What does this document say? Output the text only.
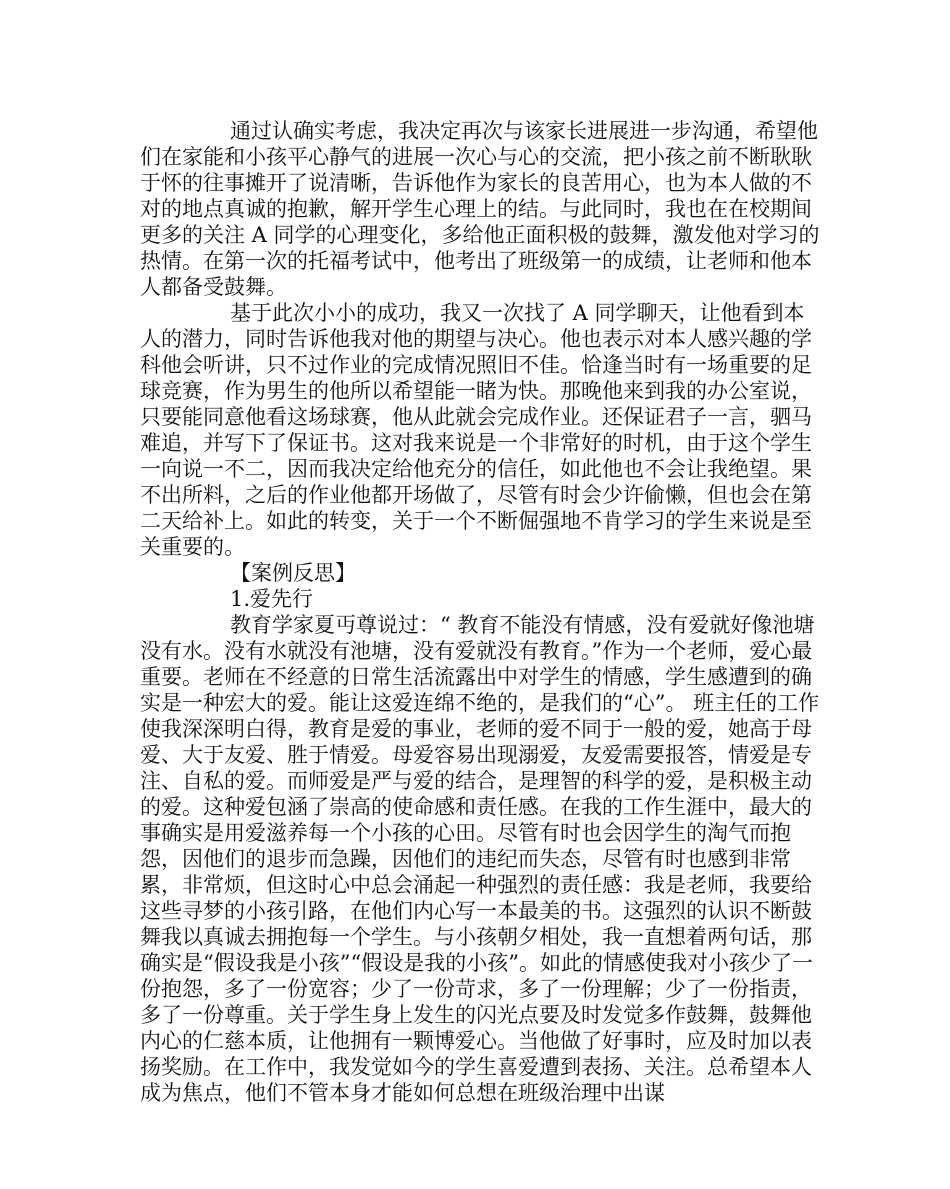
通过认确实考虑，我决定再次与该家长进展进一步沟通，希望他们在家能和小孩平心静气的进展一次心与心的交流，把小孩之前不断耿耿于怀的往事摊开了说清晰，告诉他作为家长的良苦用心，也为本人做的不对的地点真诚的抱歉，解开学生心理上的结。与此同时，我也在在校期间更多的关注 A 同学的心理变化，多给他正面积极的鼓舞，激发他对学习的热情。在第一次的托福考试中，他考出了班级第一的成绩，让老师和他本人都备受鼓舞。

基于此次小小的成功，我又一次找了 A 同学聊天，让他看到本人的潜力，同时告诉他我对他的期望与决心。他也表示对本人感兴趣的学科他会听讲，只不过作业的完成情况照旧不佳。恰逢当时有一场重要的足球竞赛，作为男生的他所以希望能一睹为快。那晚他来到我的办公室说，只要能同意他看这场球赛，他从此就会完成作业。还保证君子一言，驷马难追，并写下了保证书。这对我来说是一个非常好的时机，由于这个学生一向说一不二，因而我决定给他充分的信任，如此他也不会让我绝望。果不出所料，之后的作业他都开场做了，尽管有时会少许偷懒，但也会在第二天给补上。如此的转变，关于一个不断倔强地不肯学习的学生来说是至关重要的。

【案例反思】

1.爱先行

教育学家夏丏尊说过：“ 教育不能没有情感，没有爱就好像池塘没有水。没有水就没有池塘，没有爱就没有教育。”作为一个老师，爱心最重要。老师在不经意的日常生活流露出中对学生的情感，学生感遭到的确实是一种宏大的爱。能让这爱连绵不绝的，是我们的“心”。 班主任的工作使我深深明白得，教育是爱的事业，老师的爱不同于一般的爱，她高于母爱、大于友爱、胜于情爱。母爱容易出现溺爱，友爱需要报答，情爱是专注、自私的爱。而师爱是严与爱的结合，是理智的科学的爱，是积极主动的爱。这种爱包涵了崇高的使命感和责任感。在我的工作生涯中，最大的事确实是用爱滋养每一个小孩的心田。尽管有时也会因学生的淘气而抱怨，因他们的退步而急躁，因他们的违纪而失态，尽管有时也感到非常累，非常烦，但这时心中总会涌起一种强烈的责任感：我是老师，我要给这些寻梦的小孩引路，在他们内心写一本最美的书。这强烈的认识不断鼓舞我以真诚去拥抱每一个学生。与小孩朝夕相处，我一直想着两句话，那确实是“假设我是小孩”“假设是我的小孩”。如此的情感使我对小孩少了一份抱怨，多了一份宽容；少了一份苛求，多了一份理解；少了一份指责，多了一份尊重。关于学生身上发生的闪光点要及时发觉多作鼓舞，鼓舞他内心的仁慈本质，让他拥有一颗博爱心。当他做了好事时，应及时加以表扬奖励。在工作中，我发觉如今的学生喜爱遭到表扬、关注。总希望本人成为焦点，他们不管本身才能如何总想在班级治理中出谋
